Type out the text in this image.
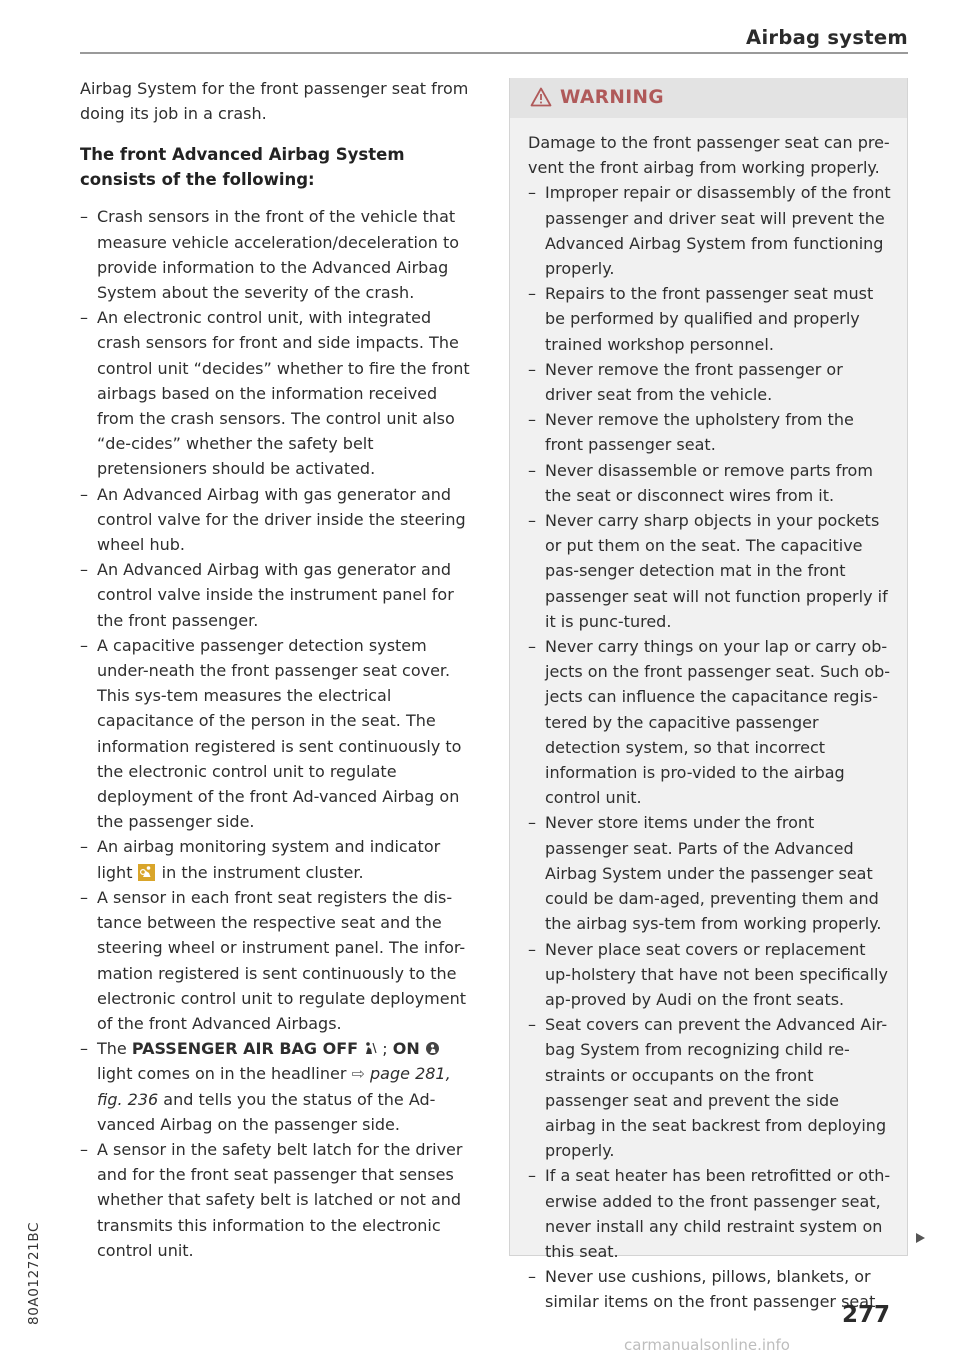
Airbag system

Airbag System for the front passenger seat from doing its job in a crash.

The front Advanced Airbag System consists of the following:
– Crash sensors in the front of the vehicle that measure vehicle acceleration/deceleration to provide information to the Advanced Airbag System about the severity of the crash.
– An electronic control unit, with integrated crash sensors for front and side impacts. The control unit “decides” whether to fire the front airbags based on the information received from the crash sensors. The control unit also “de-cides” whether the safety belt pretensioners should be activated.
– An Advanced Airbag with gas generator and control valve for the driver inside the steering wheel hub.
– An Advanced Airbag with gas generator and control valve inside the instrument panel for the front passenger.
– A capacitive passenger detection system under-neath the front passenger seat cover. This sys-tem measures the electrical capacitance of the person in the seat. The information registered is sent continuously to the electronic control unit to regulate deployment of the front Ad-vanced Airbag on the passenger side.
– An airbag monitoring system and indicator light in the instrument cluster.
– A sensor in each front seat registers the dis-tance between the respective seat and the steering wheel or instrument panel. The infor-mation registered is sent continuously to the electronic control unit to regulate deployment of the front Advanced Airbags.
– The PASSENGER AIR BAG OFF ; ON  light comes on in the headliner ⇨ page 281, fig. 236 and tells you the status of the Ad-vanced Airbag on the passenger side.
– A sensor in the safety belt latch for the driver and for the front seat passenger that senses whether that safety belt is latched or not and transmits this information to the electronic control unit.
WARNING

Damage to the front passenger seat can pre-vent the front airbag from working properly.

– Improper repair or disassembly of the front passenger and driver seat will prevent the Advanced Airbag System from functioning properly.
– Repairs to the front passenger seat must be performed by qualified and properly trained workshop personnel.
– Never remove the front passenger or driver seat from the vehicle.
– Never remove the upholstery from the front passenger seat.
– Never disassemble or remove parts from the seat or disconnect wires from it.
– Never carry sharp objects in your pockets or put them on the seat. The capacitive pas-senger detection mat in the front passenger seat will not function properly if it is punc-tured.
– Never carry things on your lap or carry ob-jects on the front passenger seat. Such ob-jects can influence the capacitance regis-tered by the capacitive passenger detection system, so that incorrect information is pro-vided to the airbag control unit.
– Never store items under the front passenger seat. Parts of the Advanced Airbag System under the passenger seat could be dam-aged, preventing them and the airbag sys-tem from working properly.
– Never place seat covers or replacement up-holstery that have not been specifically ap-proved by Audi on the front seats.
– Seat covers can prevent the Advanced Air-bag System from recognizing child re-straints or occupants on the front passenger seat and prevent the side airbag in the seat backrest from deploying properly.
– If a seat heater has been retrofitted or oth-erwise added to the front passenger seat, never install any child restraint system on this seat.
– Never use cushions, pillows, blankets, or similar items on the front passenger seat.
277
80A012721BC
carmanualsonline.info
